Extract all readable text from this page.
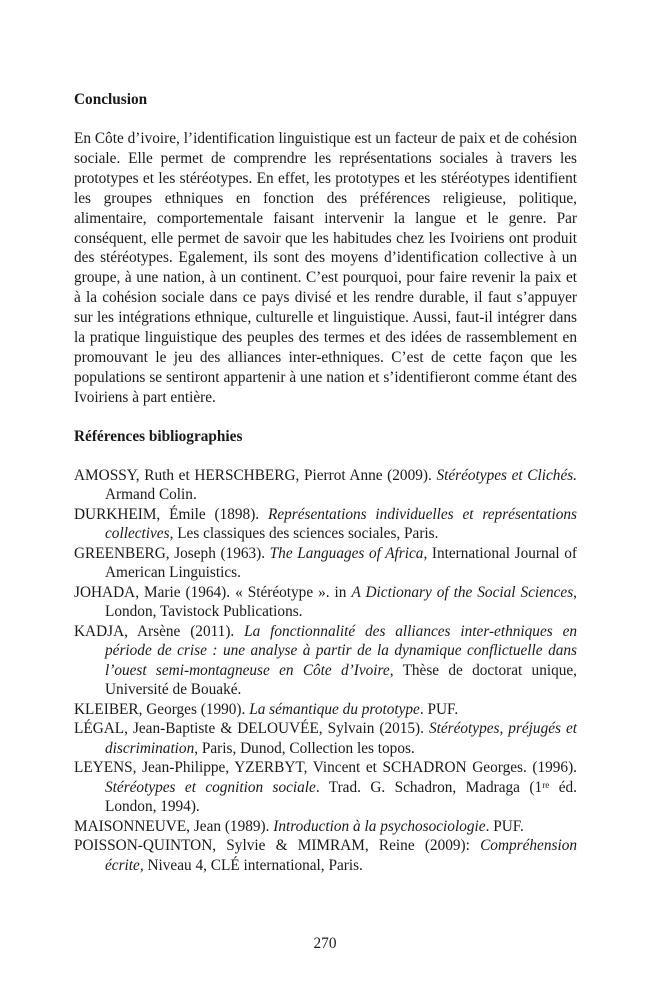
Conclusion

En Côte d’ivoire, l’identification linguistique est un facteur de paix et de cohésion sociale. Elle permet de comprendre les représentations sociales à travers les prototypes et les stéréotypes. En effet, les prototypes et les stéréotypes identifient les groupes ethniques en fonction des préférences religieuse, politique, alimentaire, comportementale faisant intervenir la langue et le genre. Par conséquent, elle permet de savoir que les habitudes chez les Ivoiriens ont produit des stéréotypes. Egalement, ils sont des moyens d’identification collective à un groupe, à une nation, à un continent. C’est pourquoi, pour faire revenir la paix et à la cohésion sociale dans ce pays divisé et les rendre durable, il faut s’appuyer sur les intégrations ethnique, culturelle et linguistique. Aussi, faut-il intégrer dans la pratique linguistique des peuples des termes et des idées de rassemblement en promouvant le jeu des alliances inter-ethniques. C’est de cette façon que les populations se sentiront appartenir à une nation et s’identifieront comme étant des Ivoiriens à part entière.

Références bibliographies
AMOSSY, Ruth et HERSCHBERG, Pierrot Anne (2009). Stéréotypes et Clichés. Armand Colin.
DURKHEIM, Émile (1898). Représentations individuelles et représentations collectives, Les classiques des sciences sociales, Paris.
GREENBERG, Joseph (1963). The Languages of Africa, International Journal of American Linguistics.
JOHADA, Marie (1964). « Stéréotype ». in A Dictionary of the Social Sciences, London, Tavistock Publications.
KADJA, Arsène (2011). La fonctionnalité des alliances inter-ethniques en période de crise : une analyse à partir de la dynamique conflictuelle dans l’ouest semi-montagneuse en Côte d’Ivoire, Thèse de doctorat unique, Université de Bouaké.
KLEIBER, Georges (1990). La sémantique du prototype. PUF.
LÉGAL, Jean-Baptiste & DELOUVÉE, Sylvain (2015). Stéréotypes, préjugés et discrimination, Paris, Dunod, Collection les topos.
LEYENS, Jean-Philippe, YZERBYT, Vincent et SCHADRON Georges. (1996). Stéréotypes et cognition sociale. Trad. G. Schadron, Madraga (1ʳᵉ éd. London, 1994).
MAISONNEUVE, Jean (1989). Introduction à la psychosociologie. PUF.
POISSON-QUINTON, Sylvie & MIMRAM, Reine (2009): Compréhension écrite, Niveau 4, CLÉ international, Paris.
270
